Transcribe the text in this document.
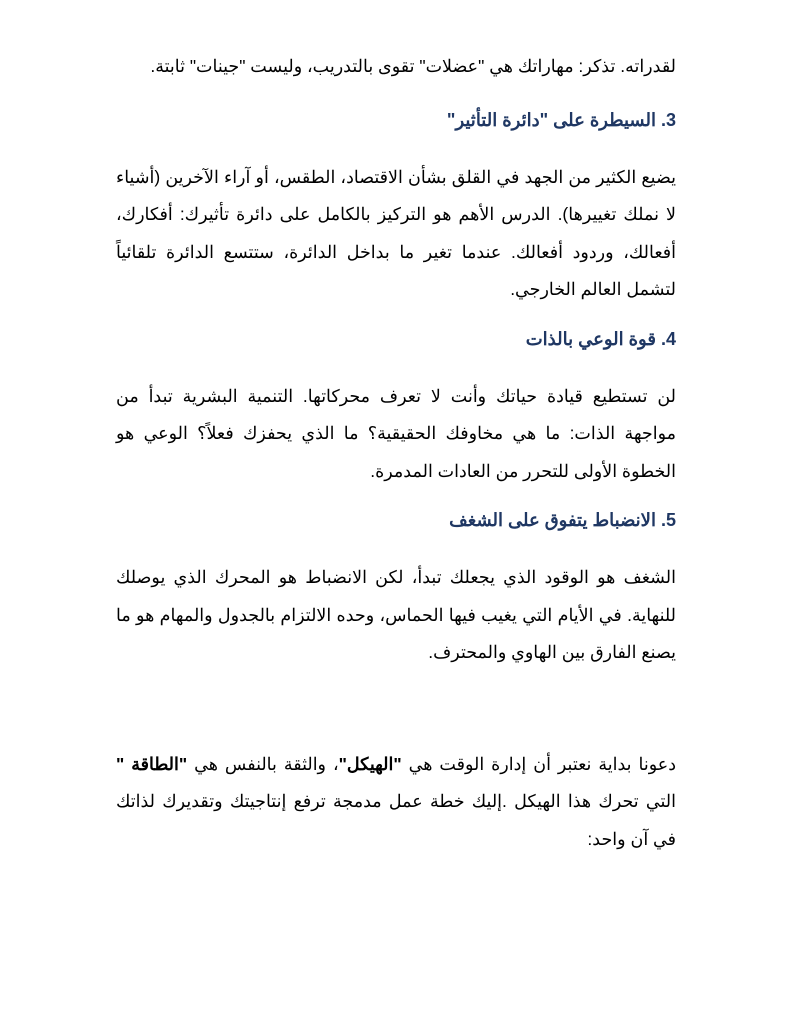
لقدراته. تذكر: مهاراتك هي "عضلات" تقوى بالتدريب، وليست "جينات" ثابتة.

3. السيطرة على "دائرة التأثير"

يضيع الكثير من الجهد في القلق بشأن الاقتصاد، الطقس، أو آراء الآخرين (أشياء لا نملك تغييرها). الدرس الأهم هو التركيز بالكامل على دائرة تأثيرك: أفكارك، أفعالك، وردود أفعالك. عندما تغير ما بداخل الدائرة، ستتسع الدائرة تلقائياً لتشمل العالم الخارجي.

4. قوة الوعي بالذات

لن تستطيع قيادة حياتك وأنت لا تعرف محركاتها. التنمية البشرية تبدأ من مواجهة الذات: ما هي مخاوفك الحقيقية؟ ما الذي يحفزك فعلاً؟ الوعي هو الخطوة الأولى للتحرر من العادات المدمرة.

5. الانضباط يتفوق على الشغف

الشغف هو الوقود الذي يجعلك تبدأ، لكن الانضباط هو المحرك الذي يوصلك للنهاية. في الأيام التي يغيب فيها الحماس، وحده الالتزام بالجدول والمهام هو ما يصنع الفارق بين الهاوي والمحترف.

دعونا بداية نعتبر أن إدارة الوقت هي "الهيكل"، والثقة بالنفس هي "الطاقة " التي تحرك هذا الهيكل .إليك خطة عمل مدمجة ترفع إنتاجيتك وتقديرك لذاتك في آن واحد:
